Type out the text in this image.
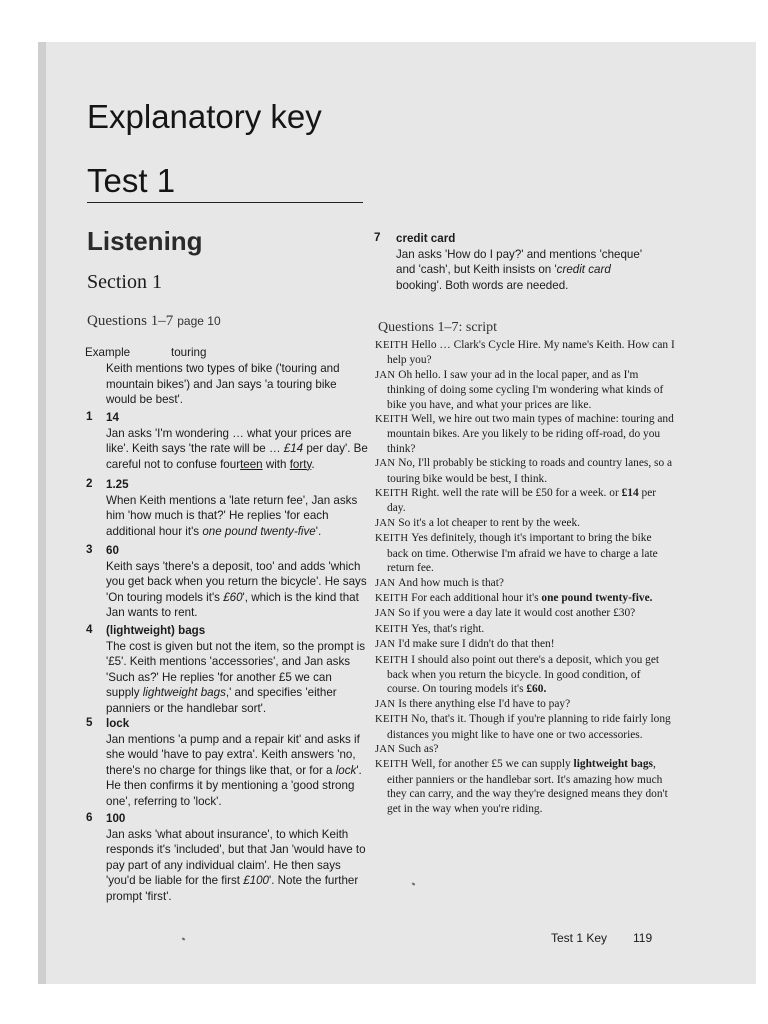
Explanatory key
Test 1
Listening
Section 1
Questions 1–7 page 10
Example	touring
Keith mentions two types of bike ('touring and mountain bikes') and Jan says 'a touring bike would be best'.
1 14
Jan asks 'I'm wondering … what your prices are like'. Keith says 'the rate will be … £14 per day'. Be careful not to confuse fourteen with forty.
2 1.25
When Keith mentions a 'late return fee', Jan asks him 'how much is that?' He replies 'for each additional hour it's one pound twenty-five'.
3 60
Keith says 'there's a deposit, too' and adds 'which you get back when you return the bicycle'. He says 'On touring models it's £60', which is the kind that Jan wants to rent.
4 (lightweight) bags
The cost is given but not the item, so the prompt is '£5'. Keith mentions 'accessories', and Jan asks 'Such as?' He replies 'for another £5 we can supply lightweight bags,' and specifies 'either panniers or the handlebar sort'.
5 lock
Jan mentions 'a pump and a repair kit' and asks if she would 'have to pay extra'. Keith answers 'no, there's no charge for things like that, or for a lock'. He then confirms it by mentioning a 'good strong one', referring to 'lock'.
6 100
Jan asks 'what about insurance', to which Keith responds it's 'included', but that Jan 'would have to pay part of any individual claim'. He then says 'you'd be liable for the first £100'. Note the further prompt 'first'.
7 credit card
Jan asks 'How do I pay?' and mentions 'cheque' and 'cash', but Keith insists on 'credit card booking'. Both words are needed.
Questions 1–7: script

KEITH Hello … Clark's Cycle Hire. My name's Keith. How can I help you?

JAN Oh hello. I saw your ad in the local paper, and as I'm thinking of doing some cycling I'm wondering what kinds of bike you have, and what your prices are like.

KEITH Well, we hire out two main types of machine: touring and mountain bikes. Are you likely to be riding off-road, do you think?

JAN No, I'll probably be sticking to roads and country lanes, so a touring bike would be best, I think.

KEITH Right. well the rate will be £50 for a week. or £14 per day.

JAN So it's a lot cheaper to rent by the week.

KEITH Yes definitely, though it's important to bring the bike back on time. Otherwise I'm afraid we have to charge a late return fee.

JAN And how much is that?

KEITH For each additional hour it's one pound twenty-five.

JAN So if you were a day late it would cost another £30?

KEITH Yes, that's right.

JAN I'd make sure I didn't do that then!

KEITH I should also point out there's a deposit, which you get back when you return the bicycle. In good condition, of course. On touring models it's £60.

JAN Is there anything else I'd have to pay?

KEITH No, that's it. Though if you're planning to ride fairly long distances you might like to have one or two accessories.

JAN Such as?

KEITH Well, for another £5 we can supply lightweight bags, either panniers or the handlebar sort. It's amazing how much they can carry, and the way they're designed means they don't get in the way when you're riding.

Test 1 Key 119
